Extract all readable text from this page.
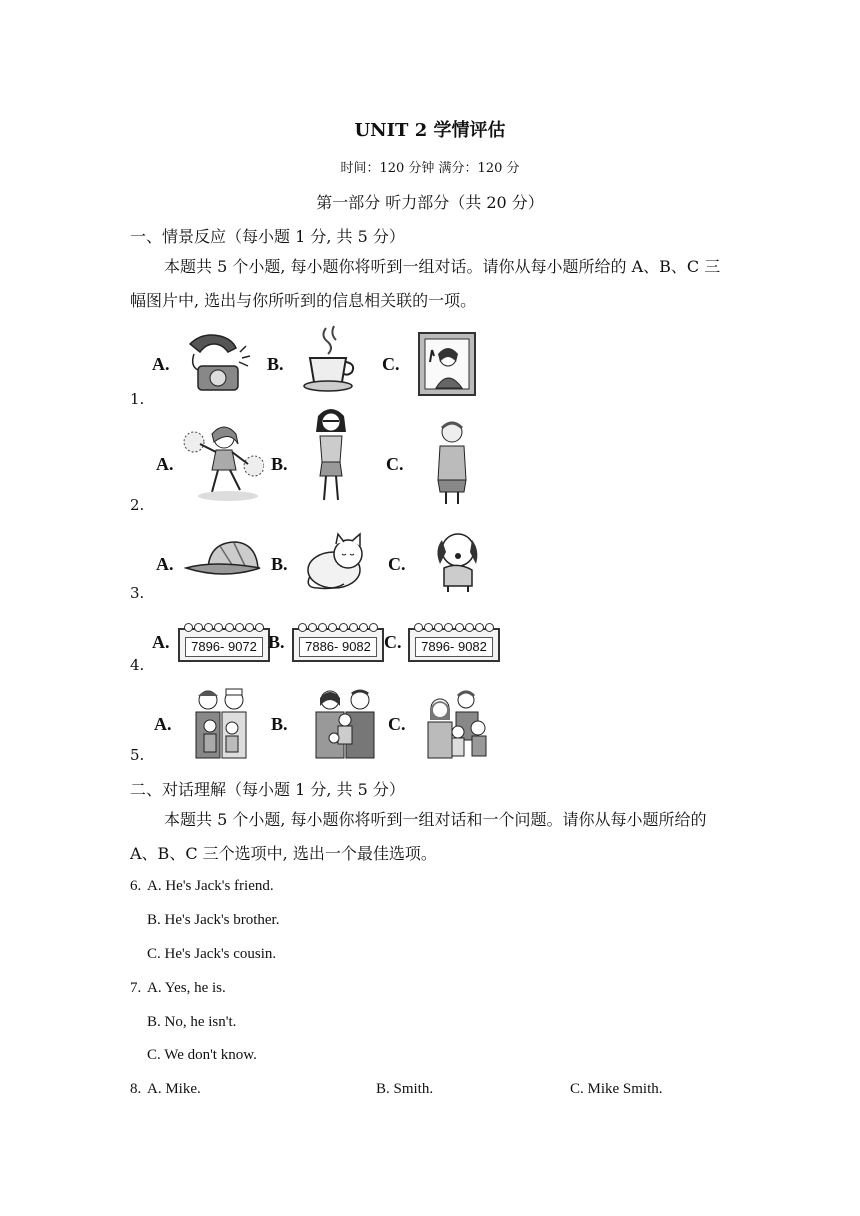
UNIT 2 学情评估
时间：120 分钟 满分：120 分
第一部分 听力部分（共 20 分）
一、情景反应（每小题 1 分, 共 5 分）
本题共 5 个小题, 每小题你将听到一组对话。请你从每小题所给的 A、B、C 三幅图片中, 选出与你所听到的信息相关联的一项。
A.	B.	C.
1.
A.	B.	C.
2.
A.	B.	C.
3.
A.	7896- 9072 B.	7886- 9082 C.	7896- 9082
4.
A.	B.	C.
5.
二、对话理解（每小题 1 分, 共 5 分）
本题共 5 个小题, 每小题你将听到一组对话和一个问题。请你从每小题所给的 A、B、C 三个选项中, 选出一个最佳选项。
6. A. He's Jack's friend.
B. He's Jack's brother.
C. He's Jack's cousin.
7. A. Yes, he is.
B. No, he isn't.
C. We don't know.
8. A. Mike.	B. Smith.	C. Mike Smith.
